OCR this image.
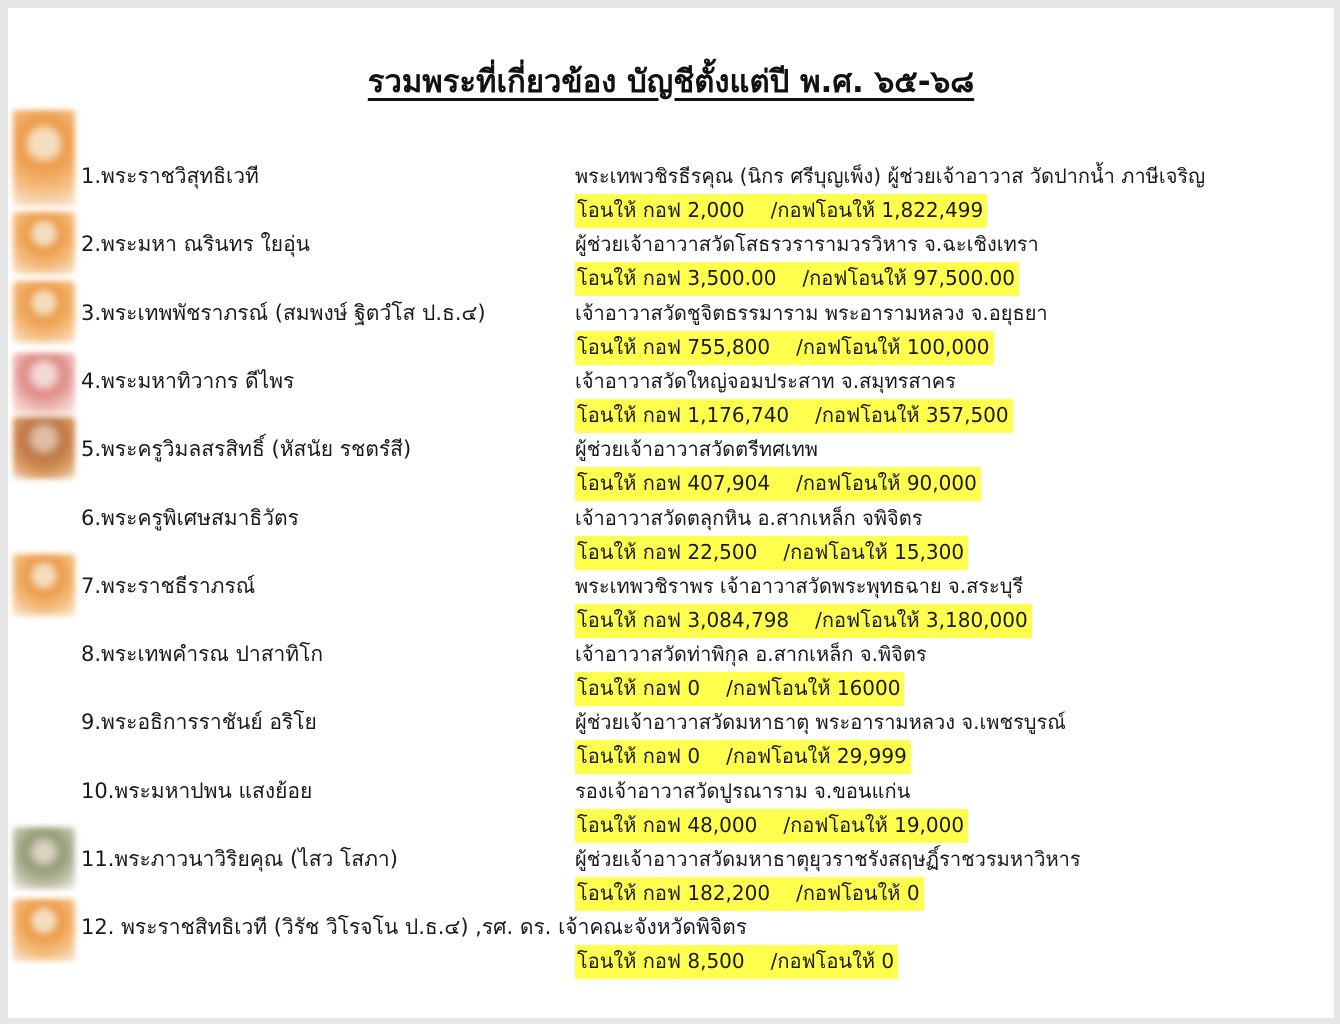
รวมพระที่เกี่ยวข้อง บัญชีตั้งแต่ปี พ.ศ. ๖๕-๖๘
1.พระราชวิสุทธิเวที	พระเทพวชิรธีรคุณ (นิกร ศรีบุญเพ็ง) ผู้ช่วยเจ้าอาวาส วัดปากน้ำ ภาษีเจริญ
โอนให้ กอฟ 2,000 /กอฟโอนให้ 1,822,499
2.พระมหา ณรินทร ใยอุ่น	ผู้ช่วยเจ้าอาวาสวัดโสธรวรารามวรวิหาร จ.ฉะเชิงเทรา
โอนให้ กอฟ 3,500.00 /กอฟโอนให้ 97,500.00
3.พระเทพพัชราภรณ์ (สมพงษ์ ฐิตวํโส ป.ธ.๔)	เจ้าอาวาสวัดชูจิตธรรมาราม พระอารามหลวง จ.อยุธยา
โอนให้ กอฟ 755,800 /กอฟโอนให้ 100,000
4.พระมหาทิวากร ดีไพร	เจ้าอาวาสวัดใหญ่จอมประสาท จ.สมุทรสาคร
โอนให้ กอฟ 1,176,740 /กอฟโอนให้ 357,500
5.พระครูวิมลสรสิทธิ์ (หัสนัย รชตรํสี)	ผู้ช่วยเจ้าอาวาสวัดตรีทศเทพ
โอนให้ กอฟ 407,904 /กอฟโอนให้ 90,000
6.พระครูพิเศษสมาธิวัตร	เจ้าอาวาสวัดตลุกหิน อ.สากเหล็ก จพิจิตร
โอนให้ กอฟ 22,500 /กอฟโอนให้ 15,300
7.พระราชธีราภรณ์	พระเทพวชิราพร เจ้าอาวาสวัดพระพุทธฉาย จ.สระบุรี
โอนให้ กอฟ 3,084,798 /กอฟโอนให้ 3,180,000
8.พระเทพคำรณ ปาสาทิโก	เจ้าอาวาสวัดท่าพิกุล อ.สากเหล็ก จ.พิจิตร
โอนให้ กอฟ 0 /กอฟโอนให้ 16000
9.พระอธิการราชันย์ อริโย	ผู้ช่วยเจ้าอาวาสวัดมหาธาตุ พระอารามหลวง จ.เพชรบูรณ์
โอนให้ กอฟ 0 /กอฟโอนให้ 29,999
10.พระมหาปพน แสงย้อย	รองเจ้าอาวาสวัดปูรณาราม จ.ขอนแก่น
โอนให้ กอฟ 48,000 /กอฟโอนให้ 19,000
11.พระภาวนาวิริยคุณ (ไสว โสภา)	ผู้ช่วยเจ้าอาวาสวัดมหาธาตุยุวราชรังสฤษฏิ์ราชวรมหาวิหาร
โอนให้ กอฟ 182,200 /กอฟโอนให้ 0
12. พระราชสิทธิเวที (วิรัช วิโรจโน ป.ธ.๔) ,รศ. ดร. เจ้าคณะจังหวัดพิจิตร
โอนให้ กอฟ 8,500 /กอฟโอนให้ 0
